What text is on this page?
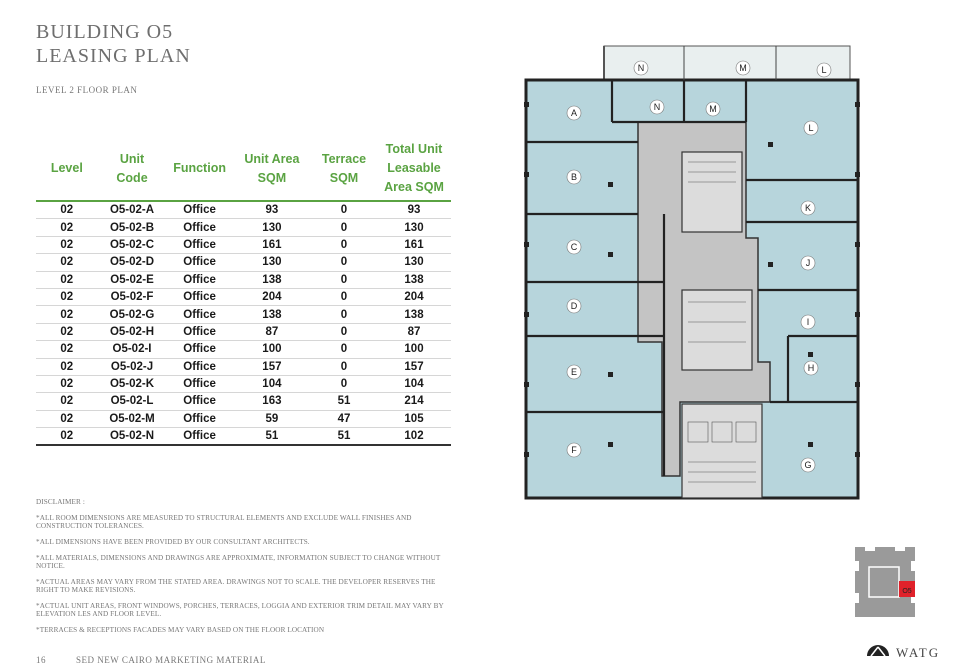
BUILDING O5
LEASING PLAN
LEVEL 2 FLOOR PLAN
Level	Unit Code	Function	Unit Area SQM	Terrace SQM	Total Unit Leasable Area SQM
02	O5-02-A	Office	93	0	93
02	O5-02-B	Office	130	0	130
02	O5-02-C	Office	161	0	161
02	O5-02-D	Office	130	0	130
02	O5-02-E	Office	138	0	138
02	O5-02-F	Office	204	0	204
02	O5-02-G	Office	138	0	138
02	O5-02-H	Office	87	0	87
02	O5-02-I	Office	100	0	100
02	O5-02-J	Office	157	0	157
02	O5-02-K	Office	104	0	104
02	O5-02-L	Office	163	51	214
02	O5-02-M	Office	59	47	105
02	O5-02-N	Office	51	51	102
DISCLAIMER :
*ALL ROOM DIMENSIONS ARE MEASURED TO STRUCTURAL ELEMENTS AND EXCLUDE WALL FINISHES AND CONSTRUCTION TOLERANCES.
*ALL DIMENSIONS HAVE BEEN PROVIDED BY OUR CONSULTANT ARCHITECTS.
*ALL MATERIALS, DIMENSIONS AND DRAWINGS ARE APPROXIMATE, INFORMATION SUBJECT TO CHANGE WITHOUT NOTICE.
*ACTUAL AREAS MAY VARY FROM THE STATED AREA. DRAWINGS NOT TO SCALE. THE DEVELOPER RESERVES THE RIGHT TO MAKE REVISIONS.
*ACTUAL UNIT AREAS, FRONT WINDOWS, PORCHES, TERRACES, LOGGIA AND EXTERIOR TRIM DETAIL MAY VARY BY ELEVATION LES AND FLOOR LEVEL.
*TERRACES & RECEPTIONS FACADES MAY VARY BASED ON THE FLOOR LOCATION
16	SED NEW CAIRO MARKETING MATERIAL
A
B
C
D
E
F
G
H
I
J
K
L
M
N
N	M	L
O5
WATG
